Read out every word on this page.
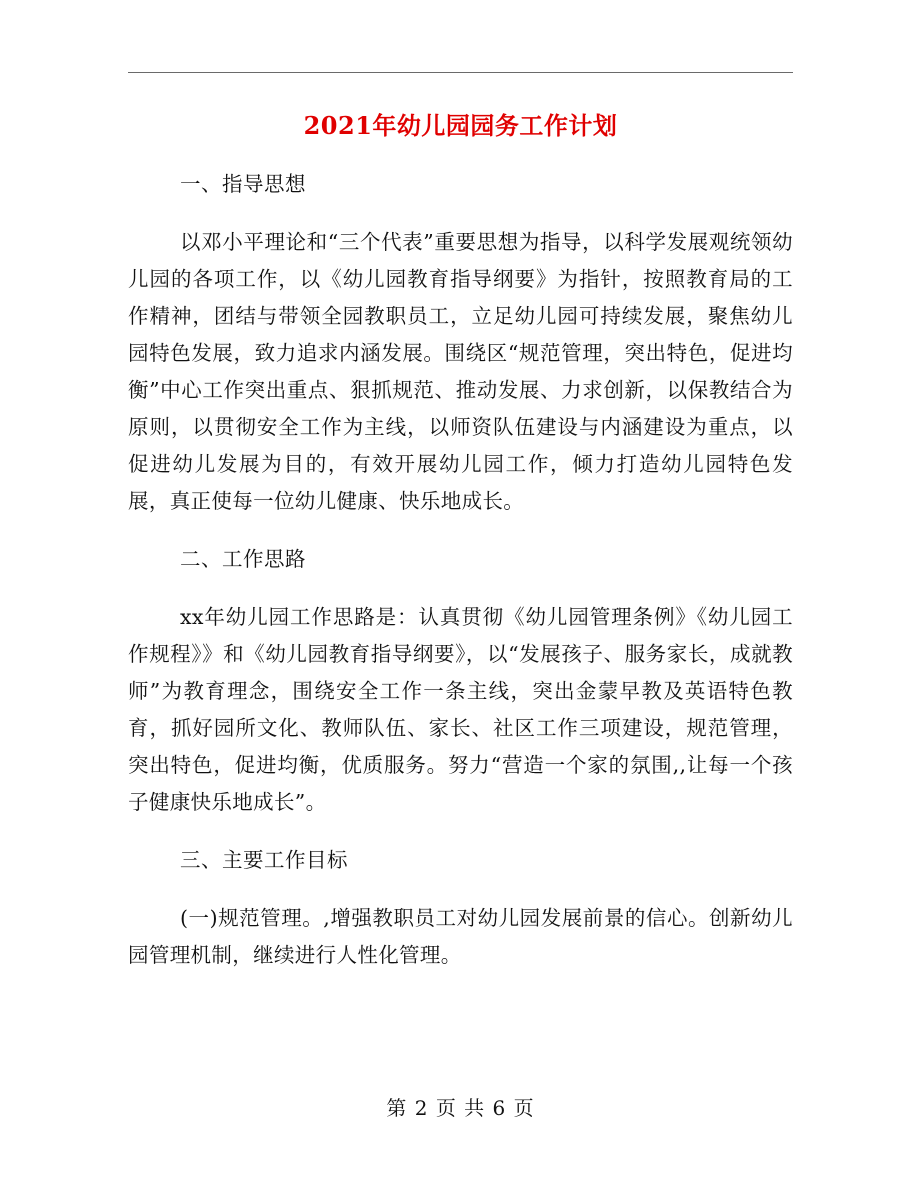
2021年幼儿园园务工作计划

一、指导思想

以邓小平理论和“三个代表”重要思想为指导，以科学发展观统领幼儿园的各项工作，以《幼儿园教育指导纲要》为指针，按照教育局的工作精神，团结与带领全园教职员工，立足幼儿园可持续发展，聚焦幼儿园特色发展，致力追求内涵发展。围绕区“规范管理，突出特色，促进均衡”中心工作突出重点、狠抓规范、推动发展、力求创新，以保教结合为原则，以贯彻安全工作为主线，以师资队伍建设与内涵建设为重点，以促进幼儿发展为目的，有效开展幼儿园工作，倾力打造幼儿园特色发展，真正使每一位幼儿健康、快乐地成长。

二、工作思路

xx年幼儿园工作思路是：认真贯彻《幼儿园管理条例》《幼儿园工作规程》》和《幼儿园教育指导纲要》，以“发展孩子、服务家长，成就教师”为教育理念，围绕安全工作一条主线，突出金蒙早教及英语特色教育，抓好园所文化、教师队伍、家长、社区工作三项建设，规范管理，突出特色，促进均衡，优质服务。努力“营造一个家的氛围,,让每一个孩子健康快乐地成长”。

三、主要工作目标

(一)规范管理。,增强教职员工对幼儿园发展前景的信心。创新幼儿园管理机制，继续进行人性化管理。

第 2 页 共 6 页
